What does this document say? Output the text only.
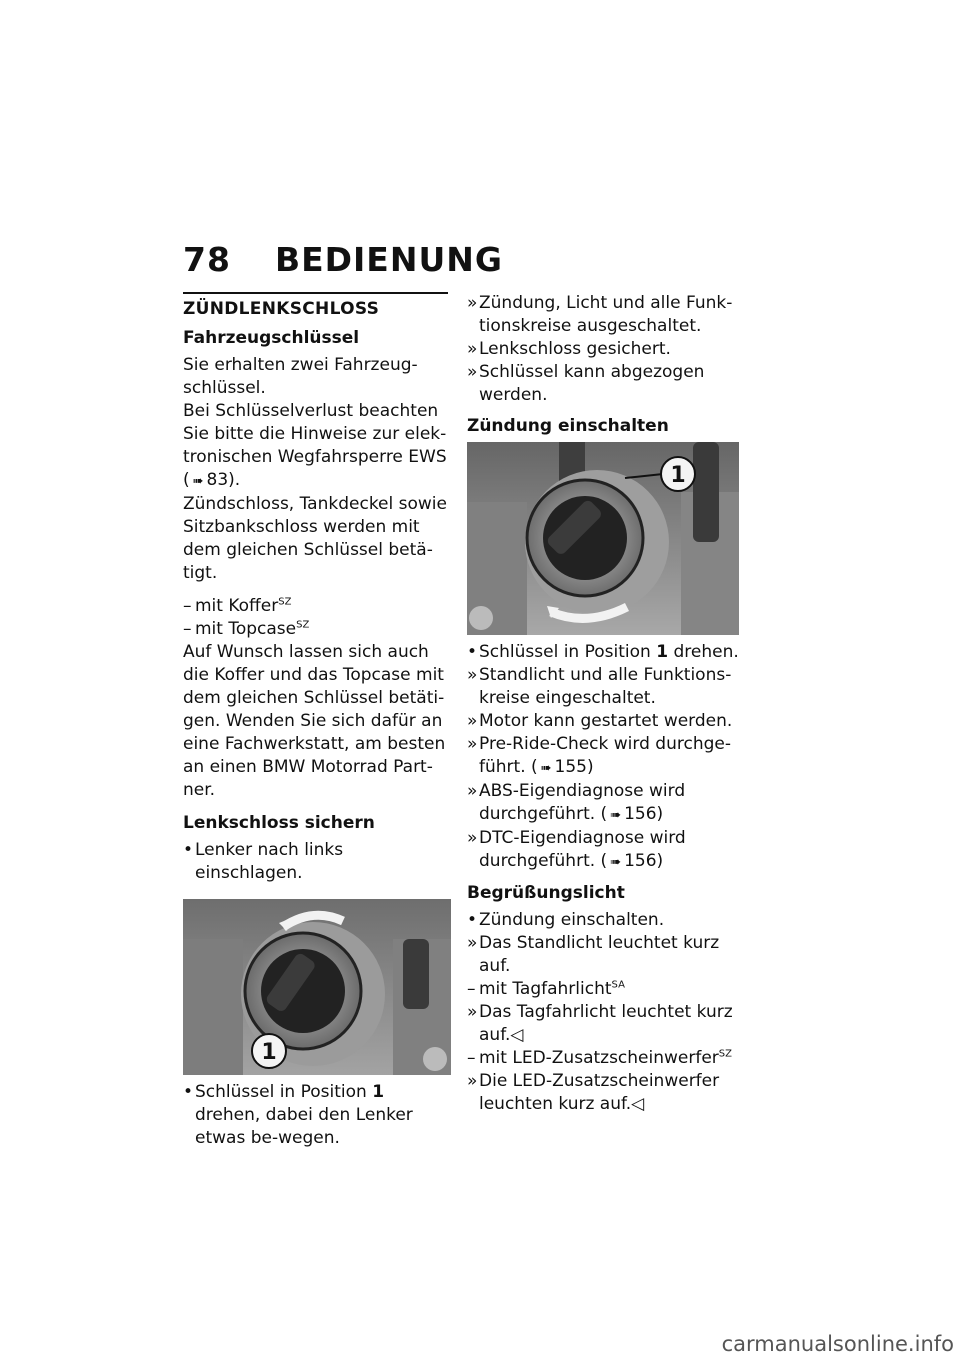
78 BEDIENUNG
ZÜNDLENKSCHLOSS
Fahrzeugschlüssel

Sie erhalten zwei Fahrzeug-schlüssel.

Bei Schlüsselverlust beachten Sie bitte die Hinweise zur elek-tronischen Wegfahrsperre EWS ( ➠ 83).

Zündschloss, Tankdeckel sowie Sitzbankschloss werden mit dem gleichen Schlüssel betä-tigt.

– mit Koffer$^{SZ}$
– mit Topcase$^{SZ}$

Auf Wunsch lassen sich auch die Koffer und das Topcase mit dem gleichen Schlüssel betäti-gen. Wenden Sie sich dafür an eine Fachwerkstatt, am besten an einen BMW Motorrad Part-ner.

Lenkschloss sichern
• Lenker nach links einschlagen.
1
• Schlüssel in Position 1 drehen, dabei den Lenker etwas be-wegen.
» Zündung, Licht und alle Funk-tionskreise ausgeschaltet.
» Lenkschloss gesichert.
» Schlüssel kann abgezogen werden.
Zündung einschalten
1
• Schlüssel in Position 1 drehen.
» Standlicht und alle Funktions-kreise eingeschaltet.
» Motor kann gestartet werden.
» Pre-Ride-Check wird durchge-führt. ( ➠ 155)
» ABS-Eigendiagnose wird durchgeführt. ( ➠ 156)
» DTC-Eigendiagnose wird durchgeführt. ( ➠ 156)
Begrüßungslicht
• Zündung einschalten.
» Das Standlicht leuchtet kurz auf.
– mit Tagfahrlicht$^{SA}$
» Das Tagfahrlicht leuchtet kurz auf.◁
– mit LED-Zusatzscheinwerfer$^{SZ}$
» Die LED-Zusatzscheinwerfer leuchten kurz auf.◁
carmanualsonline.info
